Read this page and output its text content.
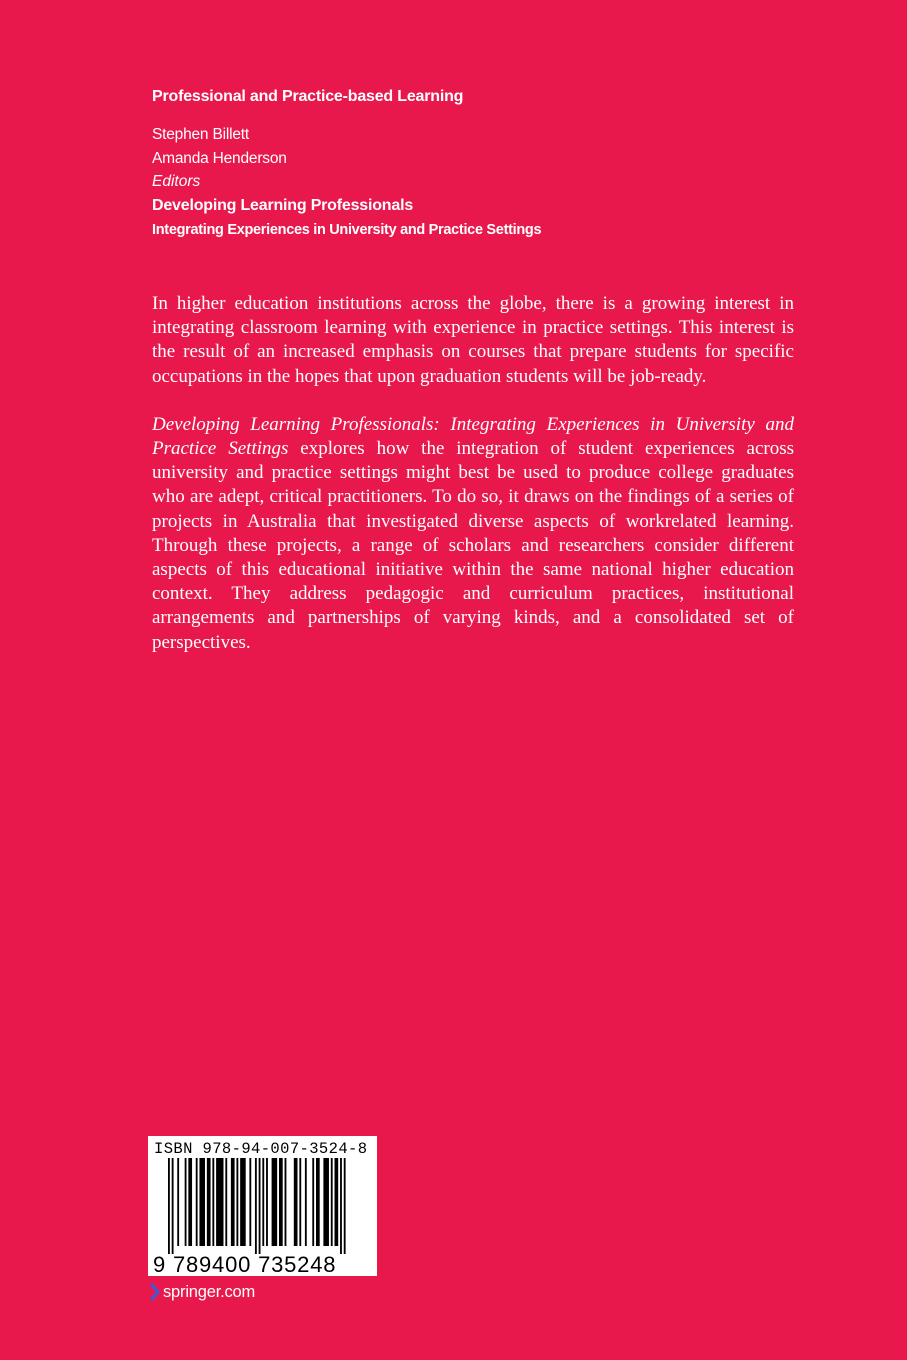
Professional and Practice-based Learning
Stephen Billett
Amanda Henderson
Editors
Developing Learning Professionals
Integrating Experiences in University and Practice Settings

In higher education institutions across the globe, there is a growing interest in integrating classroom learning with experience in practice settings. This interest is the result of an increased emphasis on courses that prepare students for specific occupations in the hopes that upon graduation students will be job-ready.

Developing Learning Professionals: Integrating Experiences in University and Practice Settings explores how the integration of student experiences across university and practice settings might best be used to produce college graduates who are adept, critical practitioners. To do so, it draws on the findings of a series of projects in Australia that investigated diverse aspects of workrelated learning. Through these projects, a range of scholars and researchers consider different aspects of this educational initiative within the same national higher education context. They address pedagogic and curriculum practices, institutional arrangements and partnerships of varying kinds, and a consolidated set of perspectives.

ISBN 978-94-007-3524-8
9 789400 735248
springer.com
